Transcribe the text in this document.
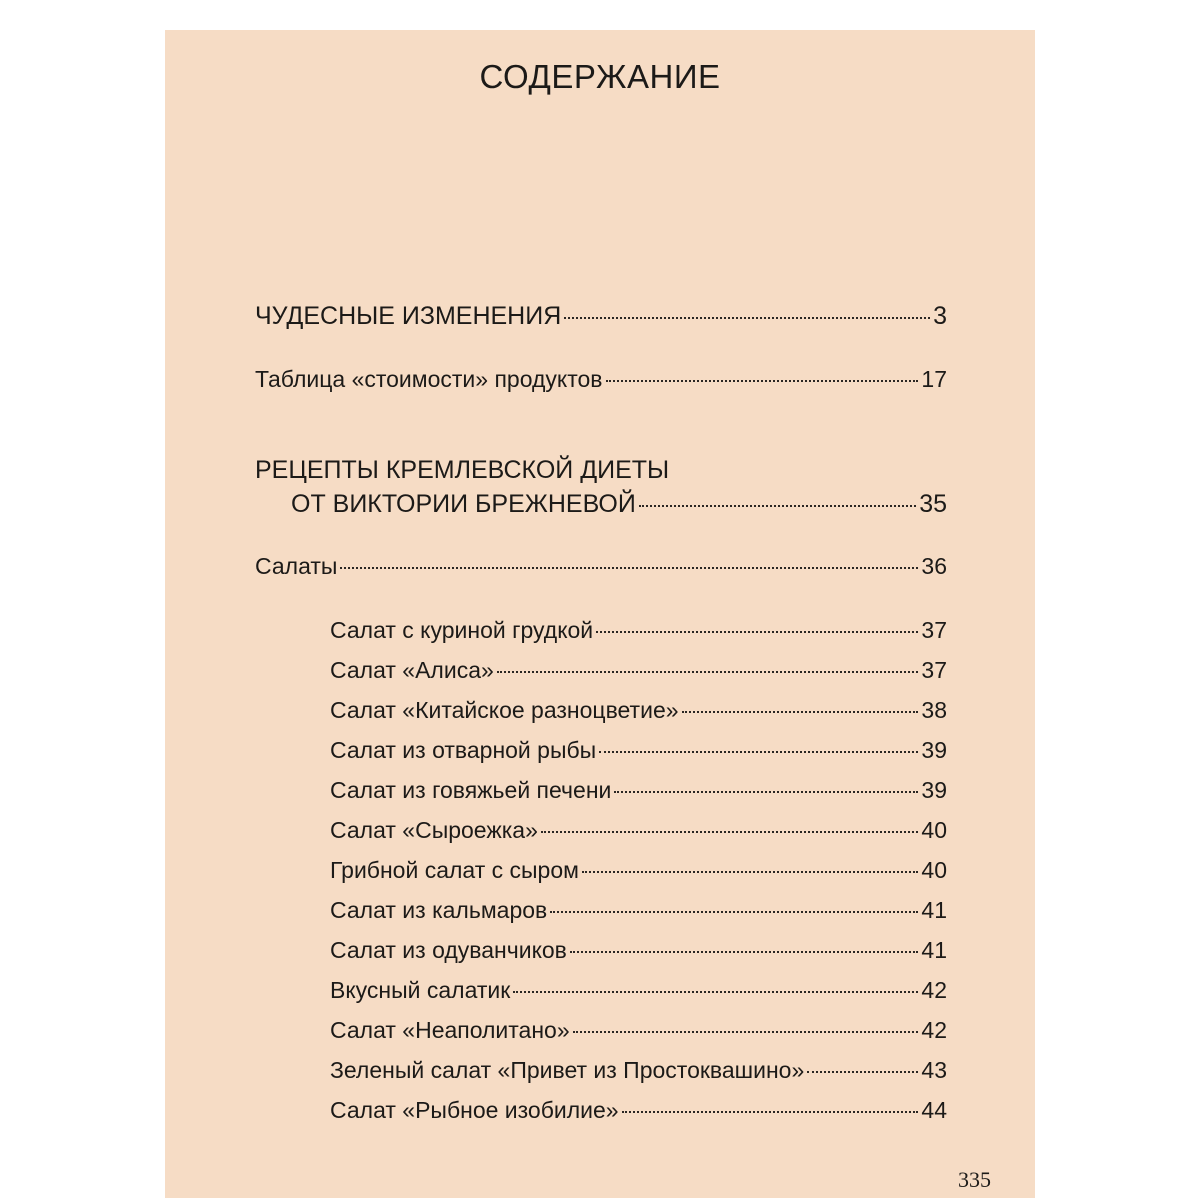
СОДЕРЖАНИЕ
ЧУДЕСНЫЕ ИЗМЕНЕНИЯ	3
Таблица «стоимости» продуктов	17
РЕЦЕПТЫ КРЕМЛЕВСКОЙ ДИЕТЫ
ОТ ВИКТОРИИ БРЕЖНЕВОЙ	35
Салаты	36
Салат с куриной грудкой	37
Салат «Алиса»	37
Салат «Китайское разноцветие»	38
Салат из отварной рыбы	39
Салат из говяжьей печени	39
Салат «Сыроежка»	40
Грибной салат с сыром	40
Салат из кальмаров	41
Салат из одуванчиков	41
Вкусный салатик	42
Салат «Неаполитано»	42
Зеленый салат «Привет из Простоквашино»	43
Салат «Рыбное изобилие»	44
335
